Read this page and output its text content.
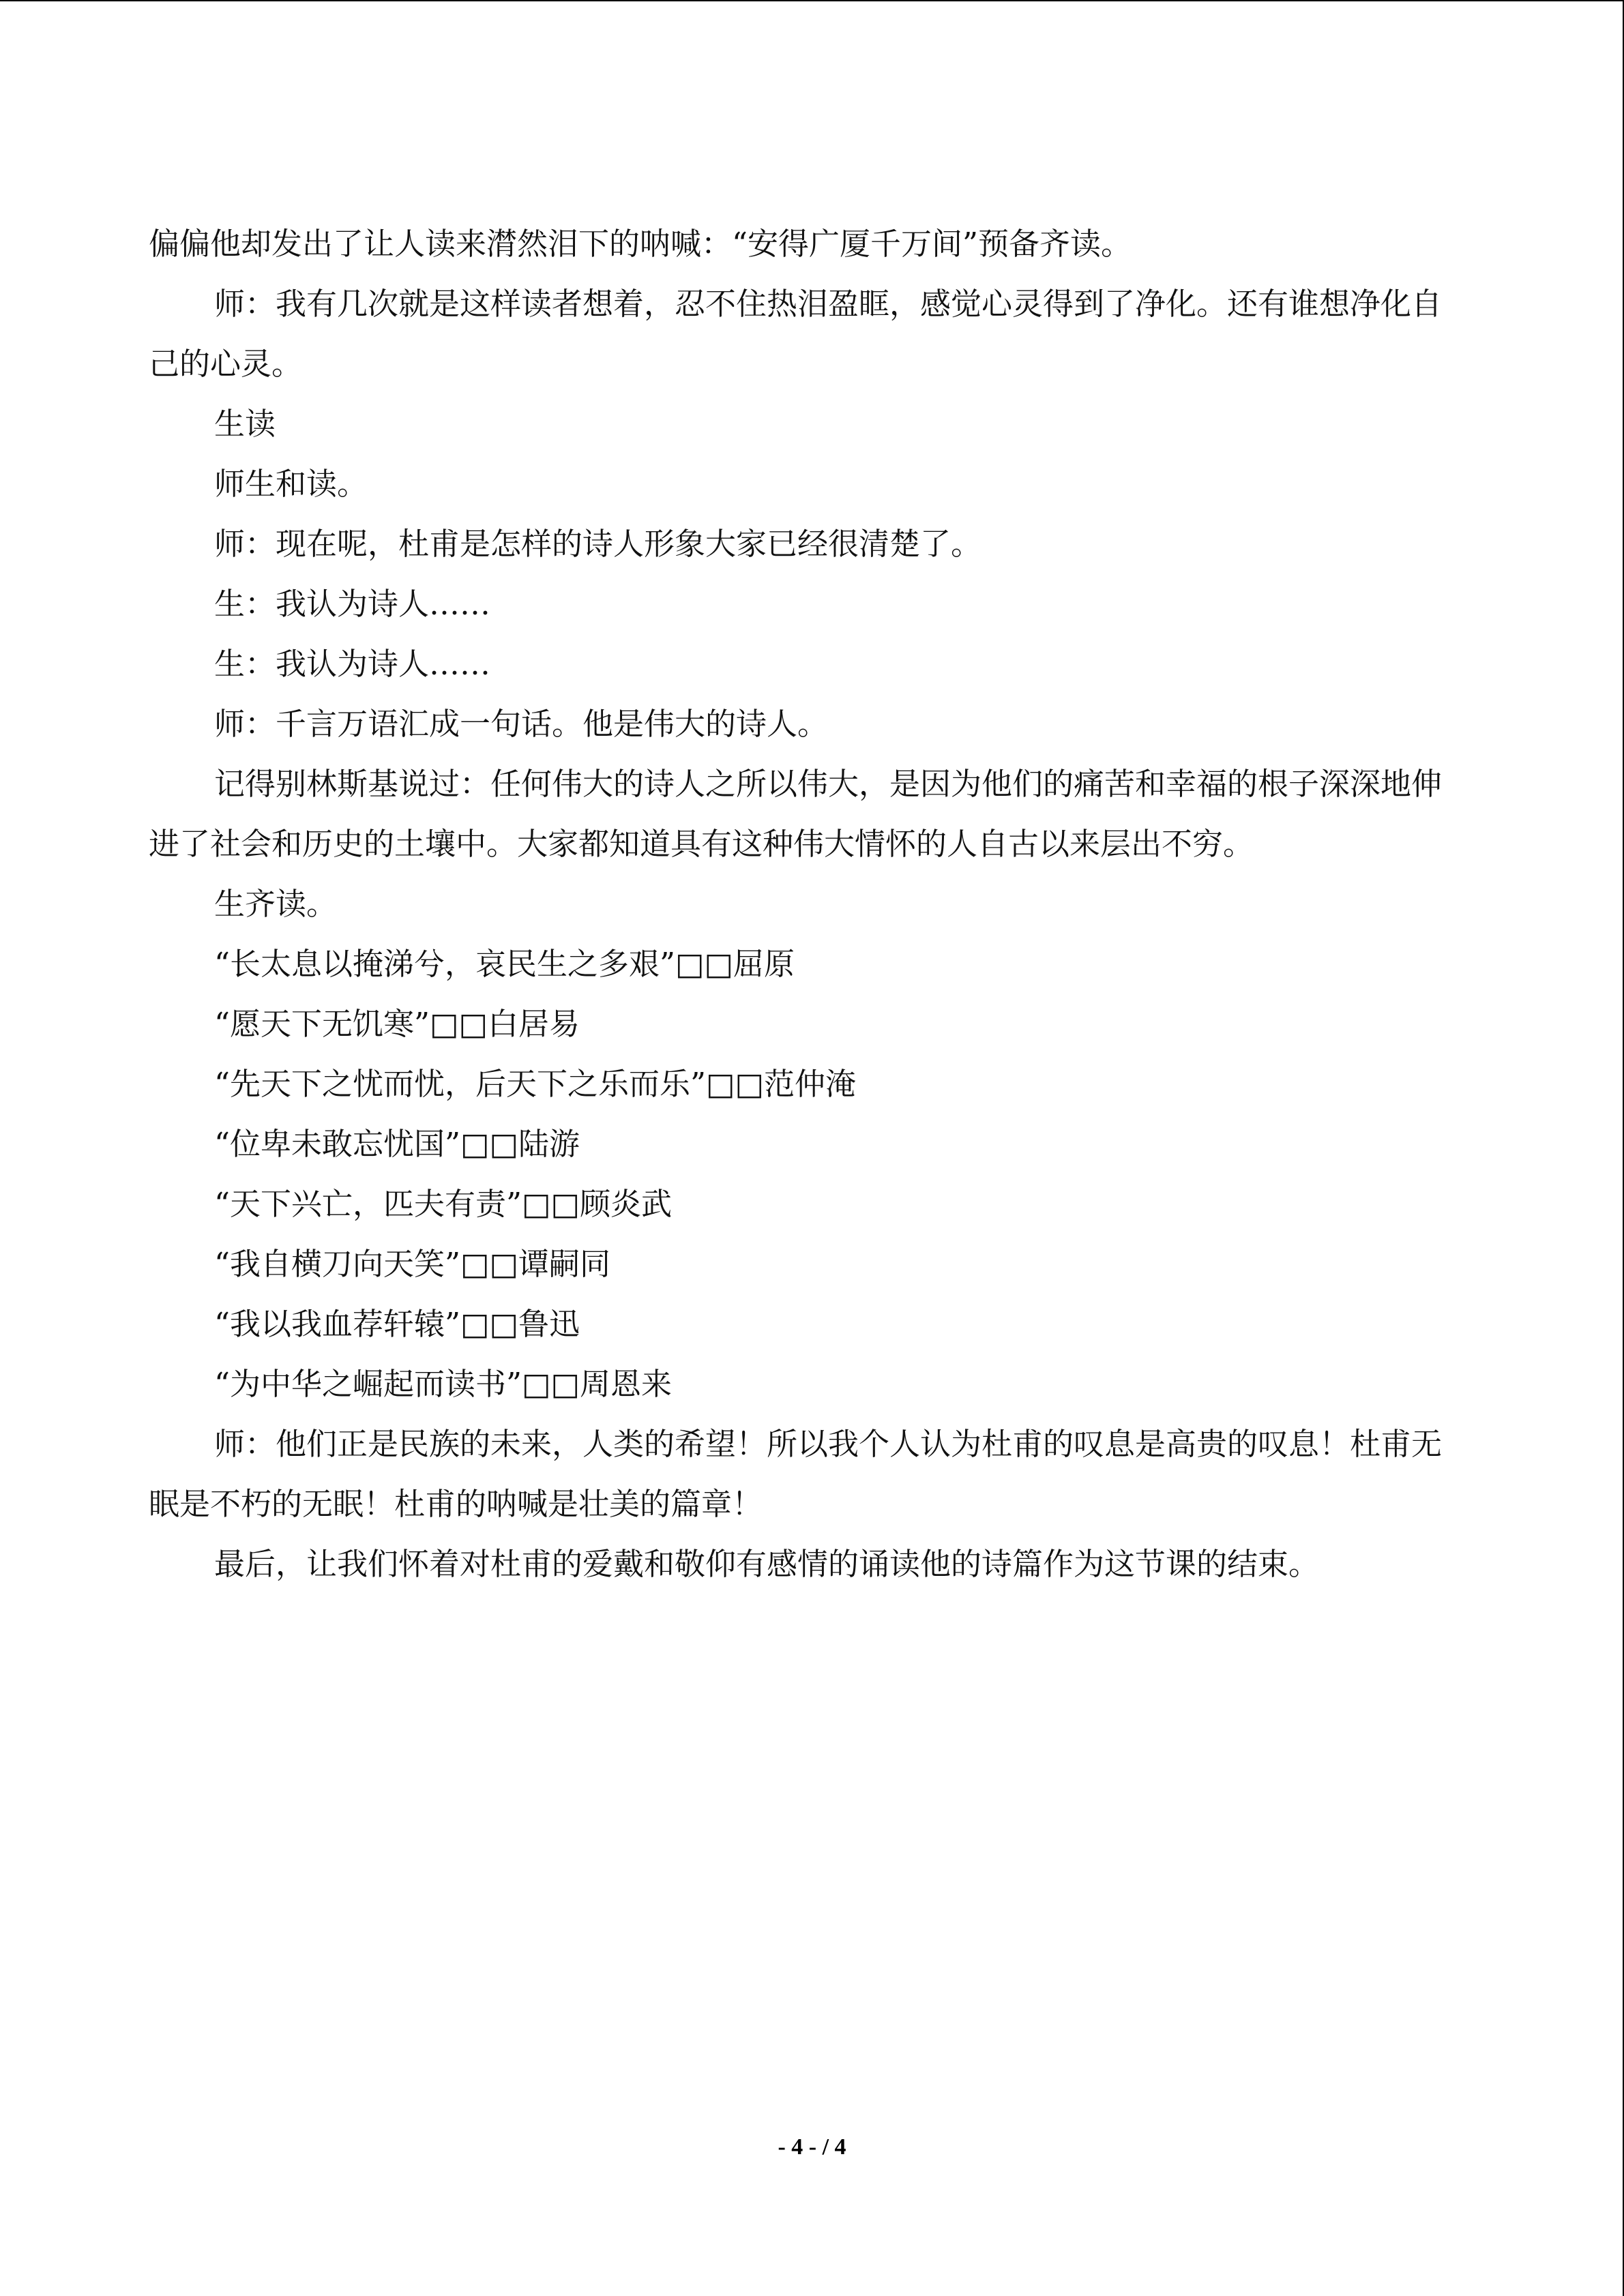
偏偏他却发出了让人读来潸然泪下的呐喊：“安得广厦千万间”预备齐读。

师：我有几次就是这样读者想着，忍不住热泪盈眶，感觉心灵得到了净化。还有谁想净化自己的心灵。

生读

师生和读。

师：现在呢，杜甫是怎样的诗人形象大家已经很清楚了。

生：我认为诗人……

生：我认为诗人……

师：千言万语汇成一句话。他是伟大的诗人。

记得别林斯基说过：任何伟大的诗人之所以伟大，是因为他们的痛苦和幸福的根子深深地伸进了社会和历史的土壤中。大家都知道具有这种伟大情怀的人自古以来层出不穷。

生齐读。

“长太息以掩涕兮，哀民生之多艰”□□屈原

“愿天下无饥寒”□□白居易

“先天下之忧而忧，后天下之乐而乐”□□范仲淹

“位卑未敢忘忧国”□□陆游

“天下兴亡，匹夫有责”□□顾炎武

“我自横刀向天笑”□□谭嗣同

“我以我血荐轩辕”□□鲁迅

“为中华之崛起而读书”□□周恩来

师：他们正是民族的未来，人类的希望！所以我个人认为杜甫的叹息是高贵的叹息！杜甫无眠是不朽的无眠！杜甫的呐喊是壮美的篇章！

最后，让我们怀着对杜甫的爱戴和敬仰有感情的诵读他的诗篇作为这节课的结束。

- 4 - / 4
